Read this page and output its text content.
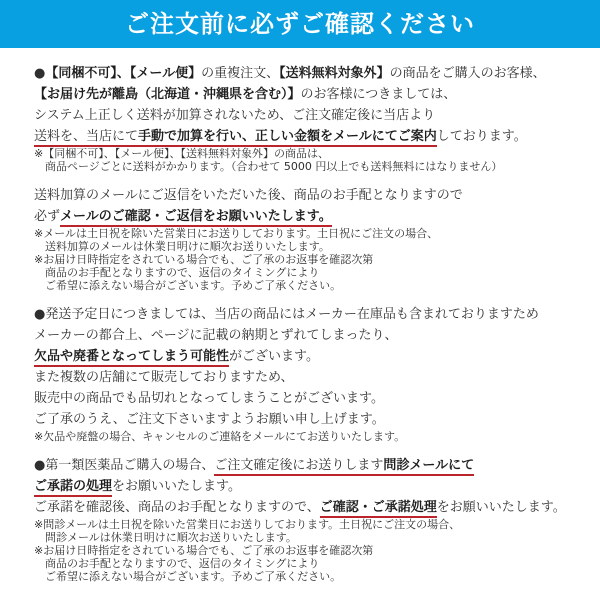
ご注文前に必ずご確認ください
●【同梱不可】、【メール便】の重複注文、【送料無料対象外】の商品をご購入のお客様、
【お届け先が離島（北海道・沖縄県を含む）】のお客様につきましては、
システム上正しく送料が加算されないため、ご注文確定後に当店より
送料を、当店にて手動で加算を行い、正しい金額をメールにてご案内しております。
※【同梱不可】、【メール便】、【送料無料対象外】の商品は、
商品ページごとに送料がかかります。（合わせて 5000 円以上でも送料無料にはなりません）
送料加算のメールにご返信をいただいた後、商品のお手配となりますので
必ずメールのご確認・ご返信をお願いいたします。
※メールは土日祝を除いた営業日にお送りしております。土日祝にご注文の場合、
送料加算のメールは休業日明けに順次お送りいたします。
※お届け日時指定をされている場合でも、ご了承のお返事を確認次第
商品のお手配となりますので、返信のタイミングにより
ご希望に添えない場合がございます。予めご了承ください。
●発送予定日につきましては、当店の商品にはメーカー在庫品も含まれておりますため
メーカーの都合上、ページに記載の納期とずれてしまったり、
欠品や廃番となってしまう可能性がございます。
また複数の店舗にて販売しておりますため、
販売中の商品でも品切れとなってしまうことがございます。
ご了承のうえ、ご注文下さいますようお願い申し上げます。
※欠品や廃盤の場合、キャンセルのご連絡をメールにてお送りいたします。
●第一類医薬品ご購入の場合、ご注文確定後にお送りします問診メールにて
ご承諾の処理をお願いいたします。
ご承諾を確認後、商品のお手配となりますので、ご確認・ご承諾処理をお願いいたします。
※問診メールは土日祝を除いた営業日にお送りしております。土日祝にご注文の場合、
問診メールは休業日明けに順次お送りいたします。
※お届け日時指定をされている場合でも、ご了承のお返事を確認次第
商品のお手配となりますので、返信のタイミングにより
ご希望に添えない場合がございます。予めご了承ください。
